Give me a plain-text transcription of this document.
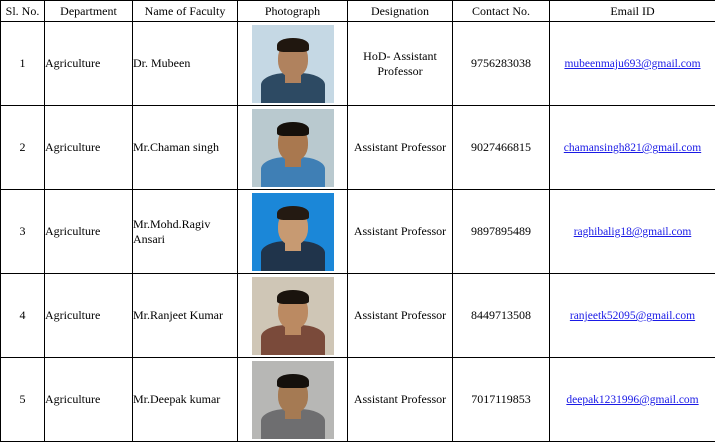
Sl. No.	Department	Name of Faculty	Photograph	Designation	Contact No.	Email ID
1	Agriculture	Dr. Mubeen		HoD- Assistant Professor	9756283038	mubeenmaju693@gmail.com
2	Agriculture	Mr.Chaman singh		Assistant Professor	9027466815	chamansingh821@gmail.com
3	Agriculture	Mr.Mohd.Ragiv Ansari		Assistant Professor	9897895489	raghibalig18@gmail.com
4	Agriculture	Mr.Ranjeet Kumar		Assistant Professor	8449713508	ranjeetk52095@gmail.com
5	Agriculture	Mr.Deepak kumar		Assistant Professor	7017119853	deepak1231996@gmail.com
